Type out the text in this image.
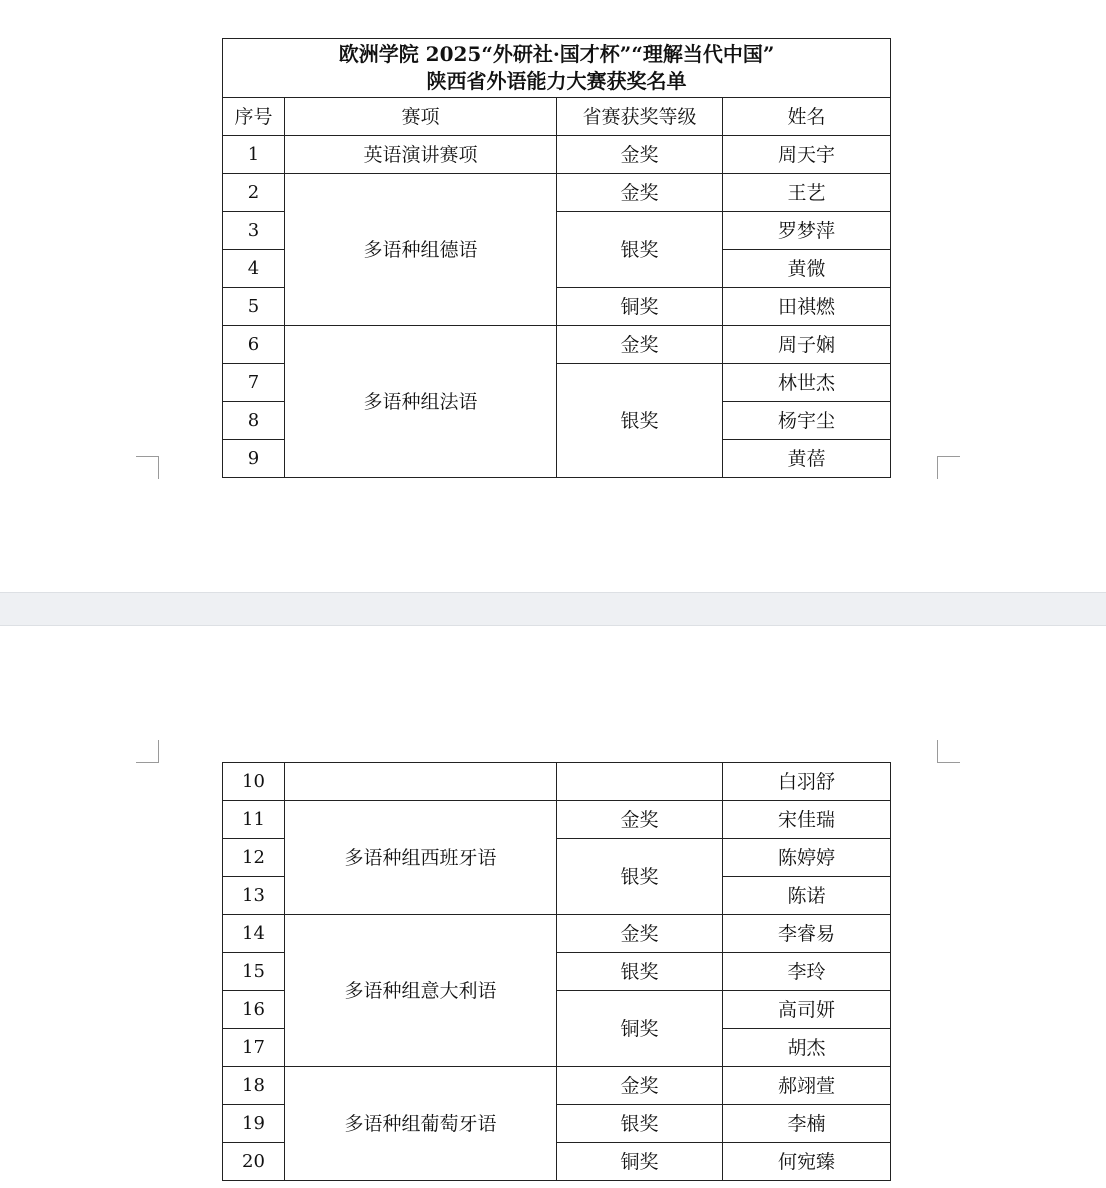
欧洲学院 2025“外研社·国才杯”“理解当代中国”
陕西省外语能力大赛获奖名单			

序号	赛项	省赛获奖等级	姓名
1	英语演讲赛项	金奖	周天宇
2	多语种组德语	金奖	王艺
3		银奖	罗梦萍
4			黄微
5		铜奖	田祺燃
6	多语种组法语	金奖	周子娴
7		银奖	林世杰
8			杨宇尘
9			黄蓓
10			白羽舒
11	多语种组西班牙语	金奖	宋佳瑞
12		银奖	陈婷婷
13			陈诺
14	多语种组意大利语	金奖	李睿易
15		银奖	李玲
16		铜奖	高司妍
17			胡杰
18	多语种组葡萄牙语	金奖	郝翊萱
19		银奖	李楠
20		铜奖	何宛臻
